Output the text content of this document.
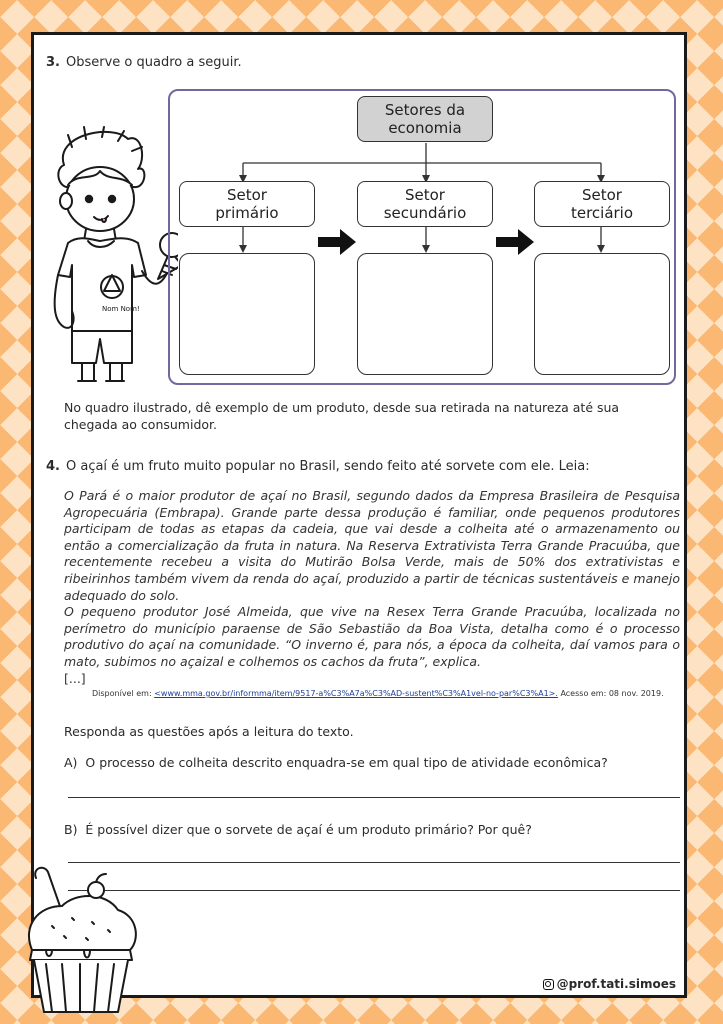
3. Observe o quadro a seguir.
Nom Nom!
Setores da
economia
Setor
primário
Setor
secundário
Setor
terciário
No quadro ilustrado, dê exemplo de um produto, desde sua retirada na natureza até sua chegada ao consumidor.
4. O açaí é um fruto muito popular no Brasil, sendo feito até sorvete com ele. Leia:

O Pará é o maior produtor de açaí no Brasil, segundo dados da Empresa Brasileira de Pesquisa Agropecuária (Embrapa). Grande parte dessa produção é familiar, onde pequenos produtores participam de todas as etapas da cadeia, que vai desde a colheita até o armazenamento ou então a comercialização da fruta in natura. Na Reserva Extrativista Terra Grande Pracuúba, que recentemente recebeu a visita do Mutirão Bolsa Verde, mais de 50% dos extrativistas e ribeirinhos também vivem da renda do açaí, produzido a partir de técnicas sustentáveis e manejo adequado do solo.

O pequeno produtor José Almeida, que vive na Resex Terra Grande Pracuúba, localizada no perímetro do município paraense de São Sebastião da Boa Vista, detalha como é o processo produtivo do açaí na comunidade. “O inverno é, para nós, a época da colheita, daí vamos para o mato, subimos no açaizal e colhemos os cachos da fruta”, explica.

[...]

Disponível em: <www.mma.gov.br/informma/item/9517-a%C3%A7a%C3%AD-sustent%C3%A1vel-no-par%C3%A1>. Acesso em: 08 nov. 2019.
Responda as questões após a leitura do texto.
A) O processo de colheita descrito enquadra-se em qual tipo de atividade econômica?
B) É possível dizer que o sorvete de açaí é um produto primário? Por quê?
@prof.tati.simoes
